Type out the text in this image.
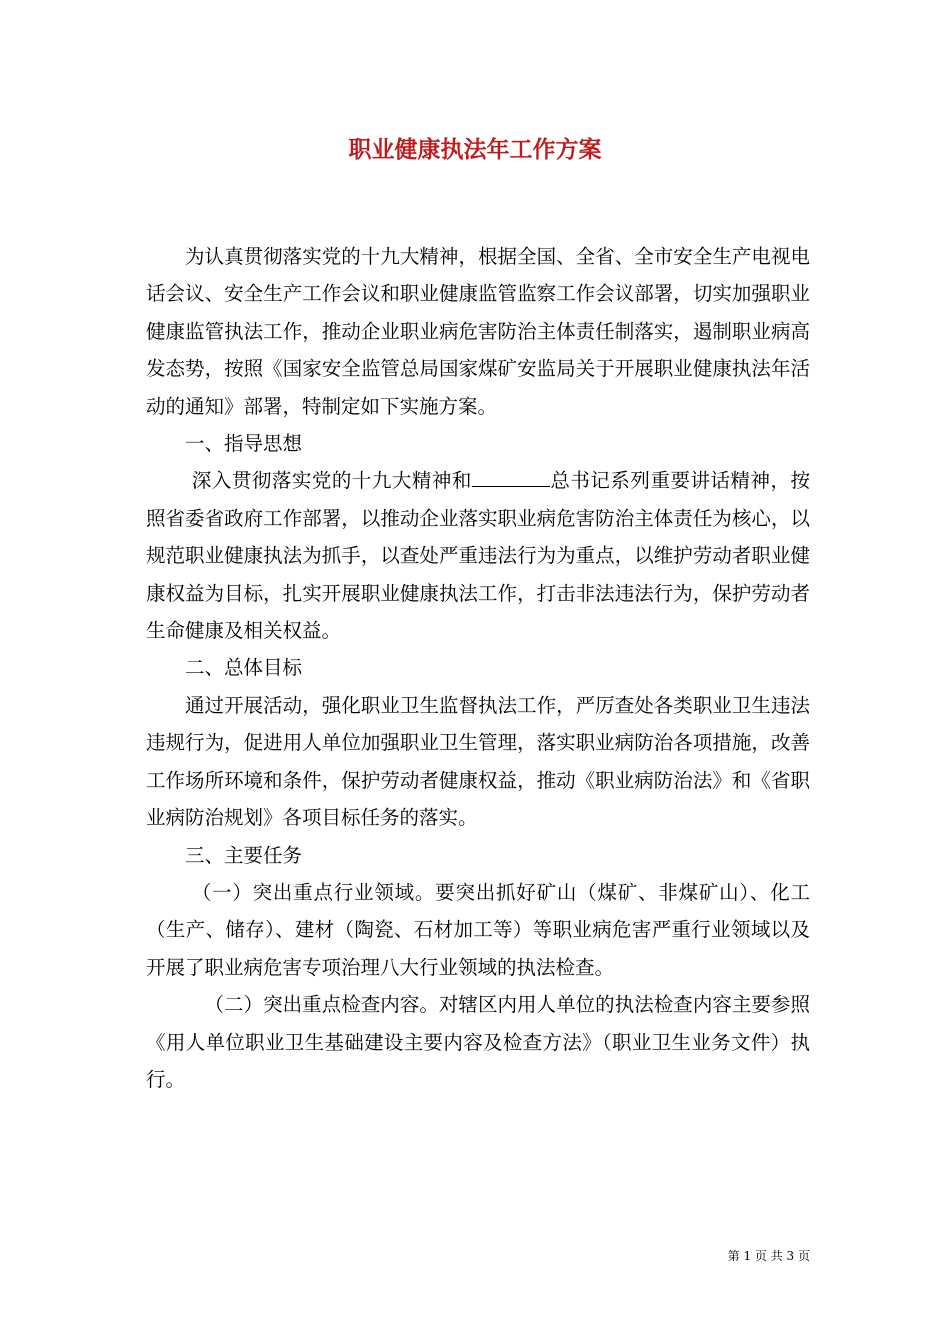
职业健康执法年工作方案

为认真贯彻落实党的十九大精神，根据全国、全省、全市安全生产电视电话会议、安全生产工作会议和职业健康监管监察工作会议部署，切实加强职业健康监管执法工作，推动企业职业病危害防治主体责任制落实，遏制职业病高发态势，按照《国家安全监管总局国家煤矿安监局关于开展职业健康执法年活动的通知》部署，特制定如下实施方案。

一、指导思想

深入贯彻落实党的十九大精神和	总书记系列重要讲话精神，按照省委省政府工作部署，以推动企业落实职业病危害防治主体责任为核心，以规范职业健康执法为抓手，以查处严重违法行为为重点，以维护劳动者职业健康权益为目标，扎实开展职业健康执法工作，打击非法违法行为，保护劳动者生命健康及相关权益。

二、总体目标

通过开展活动，强化职业卫生监督执法工作，严厉查处各类职业卫生违法违规行为，促进用人单位加强职业卫生管理，落实职业病防治各项措施，改善工作场所环境和条件，保护劳动者健康权益，推动《职业病防治法》和《省职业病防治规划》各项目标任务的落实。

三、主要任务

（一）突出重点行业领域。要突出抓好矿山（煤矿、非煤矿山）、化工（生产、储存）、建材（陶瓷、石材加工等）等职业病危害严重行业领域以及开展了职业病危害专项治理八大行业领域的执法检查。

（二）突出重点检查内容。对辖区内用人单位的执法检查内容主要参照《用人单位职业卫生基础建设主要内容及检查方法》（职业卫生业务文件）执行。

第 1 页 共 3 页
